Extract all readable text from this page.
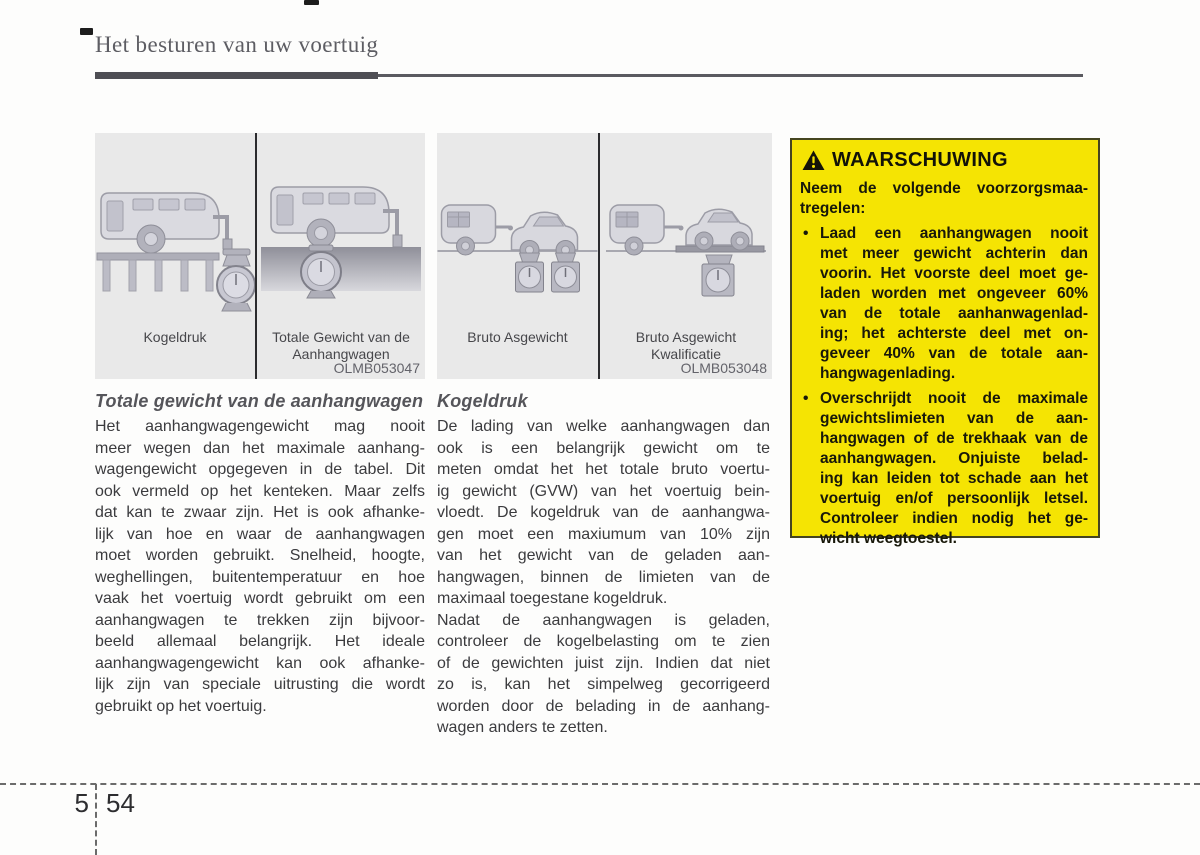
Het besturen van uw voertuig
Kogeldruk	Totale Gewicht van de
Aanhangwagen
OLMB053047
Bruto Asgewicht	Bruto Asgewicht
Kwalificatie
OLMB053048
Totale gewicht van de aanhangwagen
Het aanhangwagengewicht mag nooit
meer wegen dan het maximale aanhang-
wagengewicht opgegeven in de tabel. Dit
ook vermeld op het kenteken. Maar zelfs
dat kan te zwaar zijn. Het is ook afhanke-
lijk van hoe en waar de aanhangwagen
moet worden gebruikt. Snelheid, hoogte,
weghellingen, buitentemperatuur en hoe
vaak het voertuig wordt gebruikt om een
aanhangwagen te trekken zijn bijvoor-
beeld allemaal belangrijk. Het ideale
aanhangwagengewicht kan ook afhanke-
lijk zijn van speciale uitrusting die wordt
gebruikt op het voertuig.
Kogeldruk
De lading van welke aanhangwagen dan
ook is een belangrijk gewicht om te
meten omdat het het totale bruto voertu-
ig gewicht (GVW) van het voertuig bein-
vloedt. De kogeldruk van de aanhangwa-
gen moet een maxiumum van 10% zijn
van het gewicht van de geladen aan-
hangwagen, binnen de limieten van de
maximaal toegestane kogeldruk.
Nadat de aanhangwagen is geladen,
controleer de kogelbelasting om te zien
of de gewichten juist zijn. Indien dat niet
zo is, kan het simpelweg gecorrigeerd
worden door de belading in de aanhang-
wagen anders te zetten.
WAARSCHUWING
Neem de volgende voorzorgsmaa-
tregelen:
• Laad een aanhangwagen nooit
met meer gewicht achterin dan
voorin. Het voorste deel moet ge-
laden worden met ongeveer 60%
van de totale aanhanwagenlad-
ing; het achterste deel met on-
geveer 40% van de totale aan-
hangwagenlading.
• Overschrijdt nooit de maximale
gewichtslimieten van de aan-
hangwagen of de trekhaak van de
aanhangwagen. Onjuiste belad-
ing kan leiden tot schade aan het
voertuig en/of persoonlijk letsel.
Controleer indien nodig het ge-
wicht weegtoestel.
5 54
